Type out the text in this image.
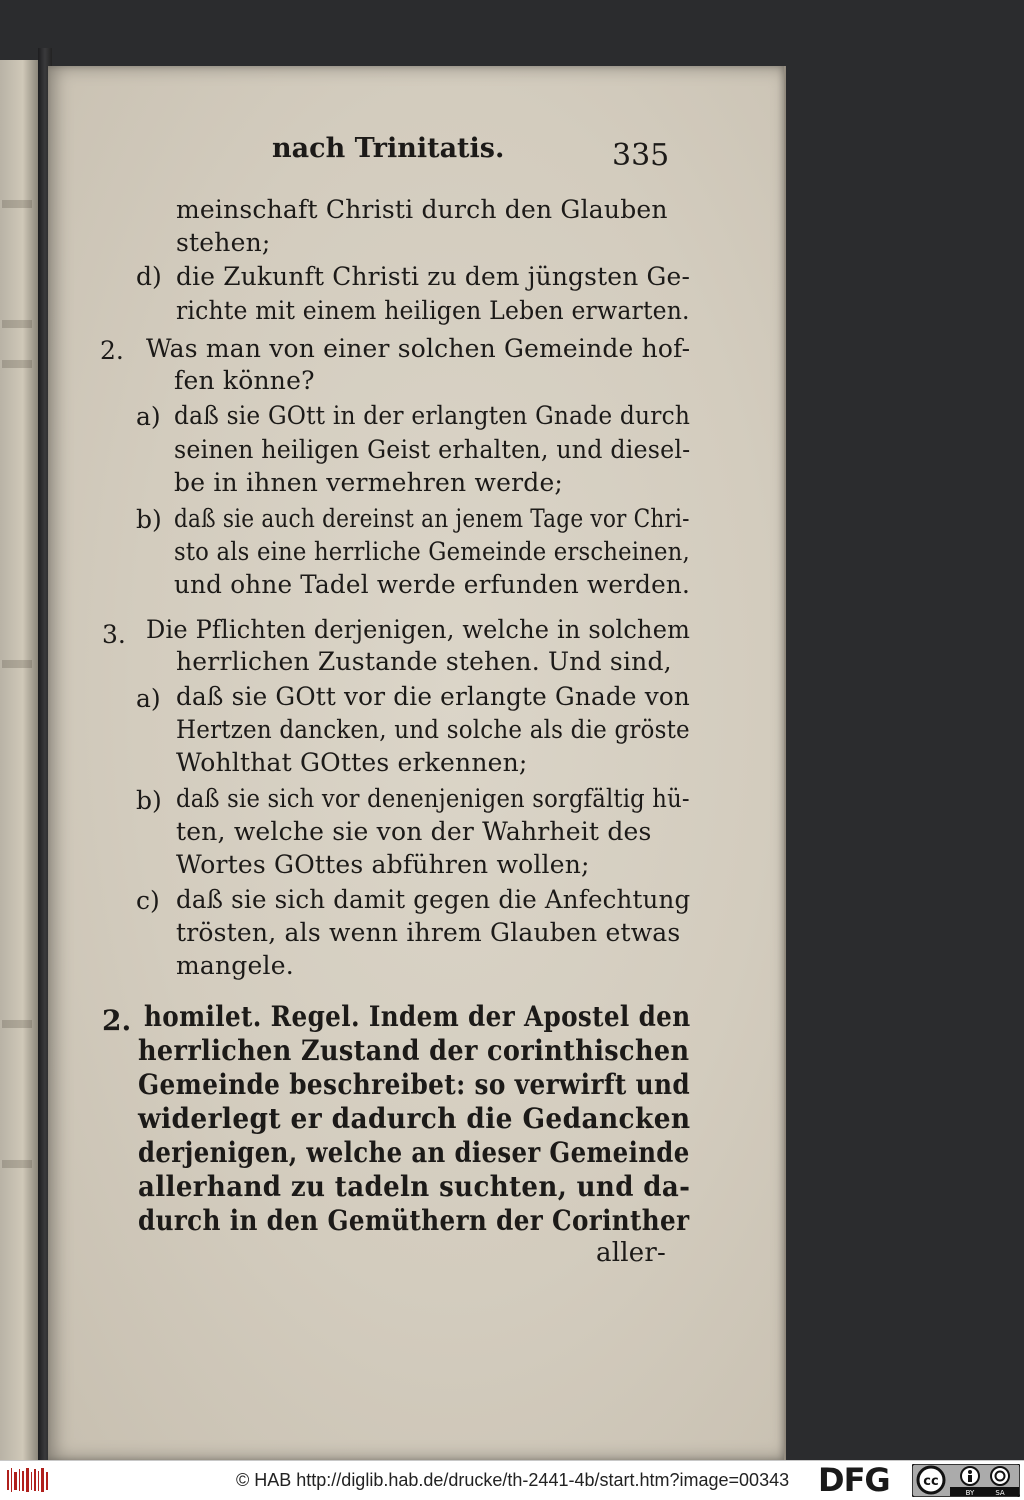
nach Trinitatis.	335
meinschaft Christi durch den Glauben
stehen;
d) die Zukunft Christi zu dem jüngsten Ge-
richte mit einem heiligen Leben erwarten.
2. Was man von einer solchen Gemeinde hof-
fen könne?
a) daß sie GOtt in der erlangten Gnade durch
seinen heiligen Geist erhalten, und diesel-
be in ihnen vermehren werde;
b) daß sie auch dereinst an jenem Tage vor Chri-
sto als eine herrliche Gemeinde erscheinen,
und ohne Tadel werde erfunden werden.
3. Die Pflichten derjenigen, welche in solchem
herrlichen Zustande stehen. Und sind,
a) daß sie GOtt vor die erlangte Gnade von
Hertzen dancken, und solche als die gröste
Wohlthat GOttes erkennen;
b) daß sie sich vor denenjenigen sorgfältig hü-
ten, welche sie von der Wahrheit des
Wortes GOttes abführen wollen;
c) daß sie sich damit gegen die Anfechtung
trösten, als wenn ihrem Glauben etwas
mangele.
2. homilet. Regel. Indem der Apostel den
herrlichen Zustand der corinthischen
Gemeinde beschreibet: so verwirft und
widerlegt er dadurch die Gedancken
derjenigen, welche an dieser Gemeinde
allerhand zu tadeln suchten, und da-
durch in den Gemüthern der Corinther
aller-
© HAB http://diglib.hab.de/drucke/th-2441-4b/start.htm?image=00343 DFG	cc
BY	SA
